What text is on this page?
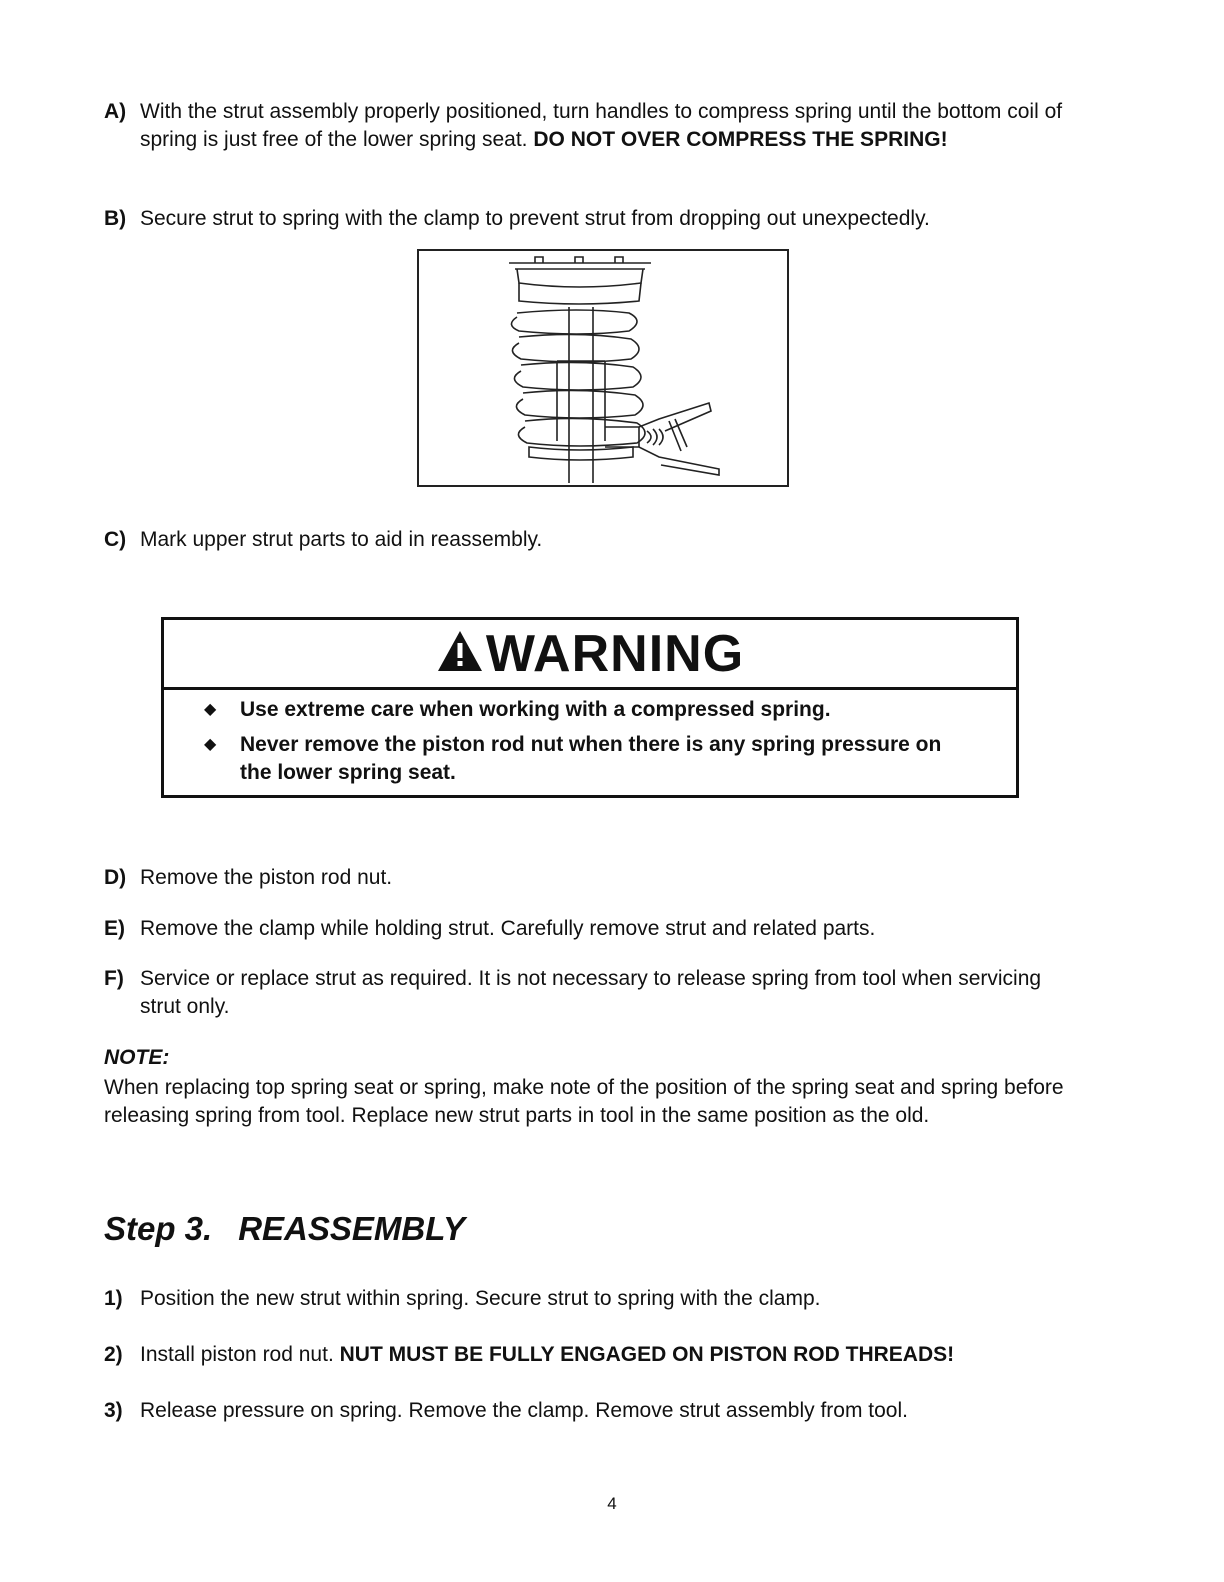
A) With the strut assembly properly positioned, turn handles to compress spring until the bottom coil of spring is just free of the lower spring seat. DO NOT OVER COMPRESS THE SPRING!
B) Secure strut to spring with the clamp to prevent strut from dropping out unexpectedly.
C) Mark upper strut parts to aid in reassembly.
WARNING
◆	Use extreme care when working with a compressed spring.
◆	Never remove the piston rod nut when there is any spring pressure on the lower spring seat.
D) Remove the piston rod nut.
E) Remove the clamp while holding strut. Carefully remove strut and related parts.
F) Service or replace strut as required. It is not necessary to release spring from tool when servicing strut only.
NOTE:
When replacing top spring seat or spring, make note of the position of the spring seat and spring before releasing spring from tool. Replace new strut parts in tool in the same position as the old.
Step 3. REASSEMBLY
1) Position the new strut within spring. Secure strut to spring with the clamp.
2) Install piston rod nut. NUT MUST BE FULLY ENGAGED ON PISTON ROD THREADS!
3) Release pressure on spring. Remove the clamp. Remove strut assembly from tool.
4
